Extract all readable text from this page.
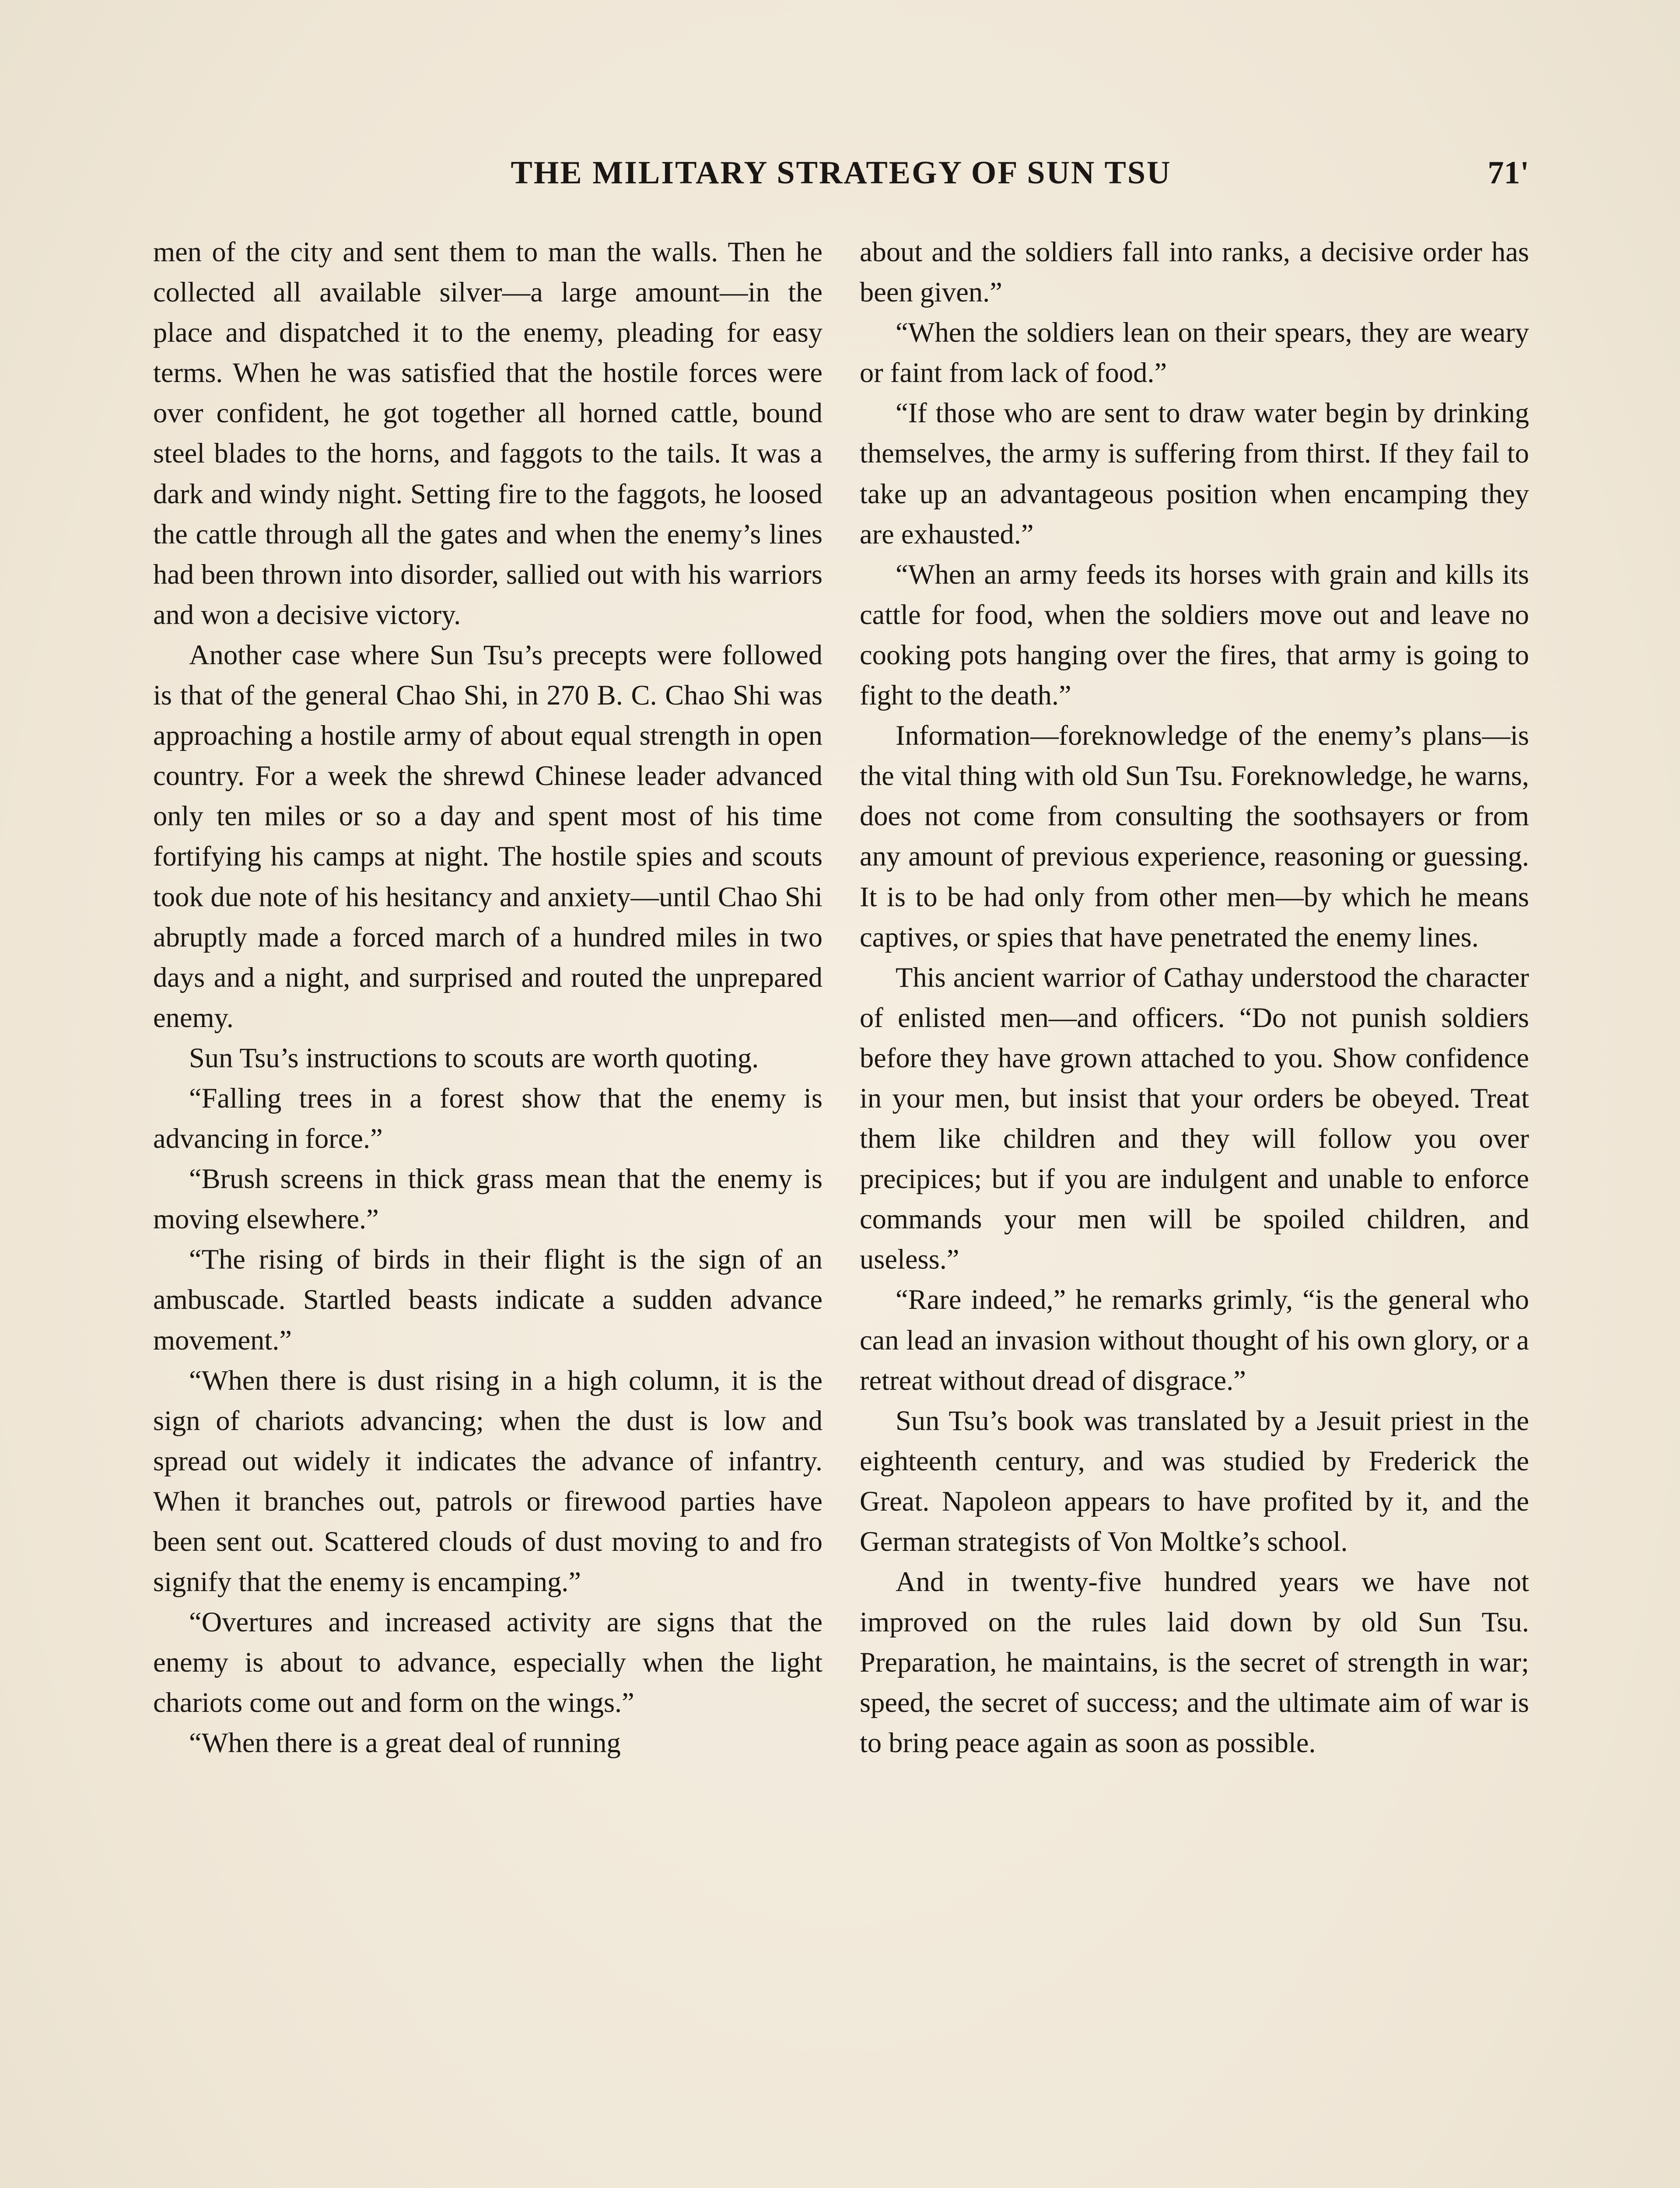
THE MILITARY STRATEGY OF SUN TSU	71'

men of the city and sent them to man the walls. Then he collected all available silver—a large amount—in the place and dispatched it to the enemy, pleading for easy terms. When he was satisfied that the hostile forces were over confident, he got together all horned cattle, bound steel blades to the horns, and faggots to the tails. It was a dark and windy night. Setting fire to the faggots, he loosed the cattle through all the gates and when the enemy’s lines had been thrown into disorder, sallied out with his warriors and won a decisive victory.

Another case where Sun Tsu’s precepts were followed is that of the general Chao Shi, in 270 B. C. Chao Shi was approaching a hostile army of about equal strength in open country. For a week the shrewd Chinese leader advanced only ten miles or so a day and spent most of his time fortifying his camps at night. The hostile spies and scouts took due note of his hesitancy and anxiety—until Chao Shi abruptly made a forced march of a hundred miles in two days and a night, and surprised and routed the unprepared enemy.

Sun Tsu’s instructions to scouts are worth quoting.

“Falling trees in a forest show that the enemy is advancing in force.”

“Brush screens in thick grass mean that the enemy is moving elsewhere.”

“The rising of birds in their flight is the sign of an ambuscade. Startled beasts indicate a sudden advance movement.”

“When there is dust rising in a high column, it is the sign of chariots advancing; when the dust is low and spread out widely it indicates the advance of infantry. When it branches out, patrols or firewood parties have been sent out. Scattered clouds of dust moving to and fro signify that the enemy is encamping.”

“Overtures and increased activity are signs that the enemy is about to advance, especially when the light chariots come out and form on the wings.”

“When there is a great deal of running

about and the soldiers fall into ranks, a decisive order has been given.”

“When the soldiers lean on their spears, they are weary or faint from lack of food.”

“If those who are sent to draw water begin by drinking themselves, the army is suffering from thirst. If they fail to take up an advantageous position when encamping they are exhausted.”

“When an army feeds its horses with grain and kills its cattle for food, when the soldiers move out and leave no cooking pots hanging over the fires, that army is going to fight to the death.”

Information—foreknowledge of the enemy’s plans—is the vital thing with old Sun Tsu. Foreknowledge, he warns, does not come from consulting the soothsayers or from any amount of previous experience, reasoning or guessing. It is to be had only from other men—by which he means captives, or spies that have penetrated the enemy lines.

This ancient warrior of Cathay understood the character of enlisted men—and officers. “Do not punish soldiers before they have grown attached to you. Show confidence in your men, but insist that your orders be obeyed. Treat them like children and they will follow you over precipices; but if you are indulgent and unable to enforce commands your men will be spoiled children, and useless.”

“Rare indeed,” he remarks grimly, “is the general who can lead an invasion without thought of his own glory, or a retreat without dread of disgrace.”

Sun Tsu’s book was translated by a Jesuit priest in the eighteenth century, and was studied by Frederick the Great. Napoleon appears to have profited by it, and the German strategists of Von Moltke’s school.

And in twenty-five hundred years we have not improved on the rules laid down by old Sun Tsu. Preparation, he maintains, is the secret of strength in war; speed, the secret of success; and the ultimate aim of war is to bring peace again as soon as possible.
